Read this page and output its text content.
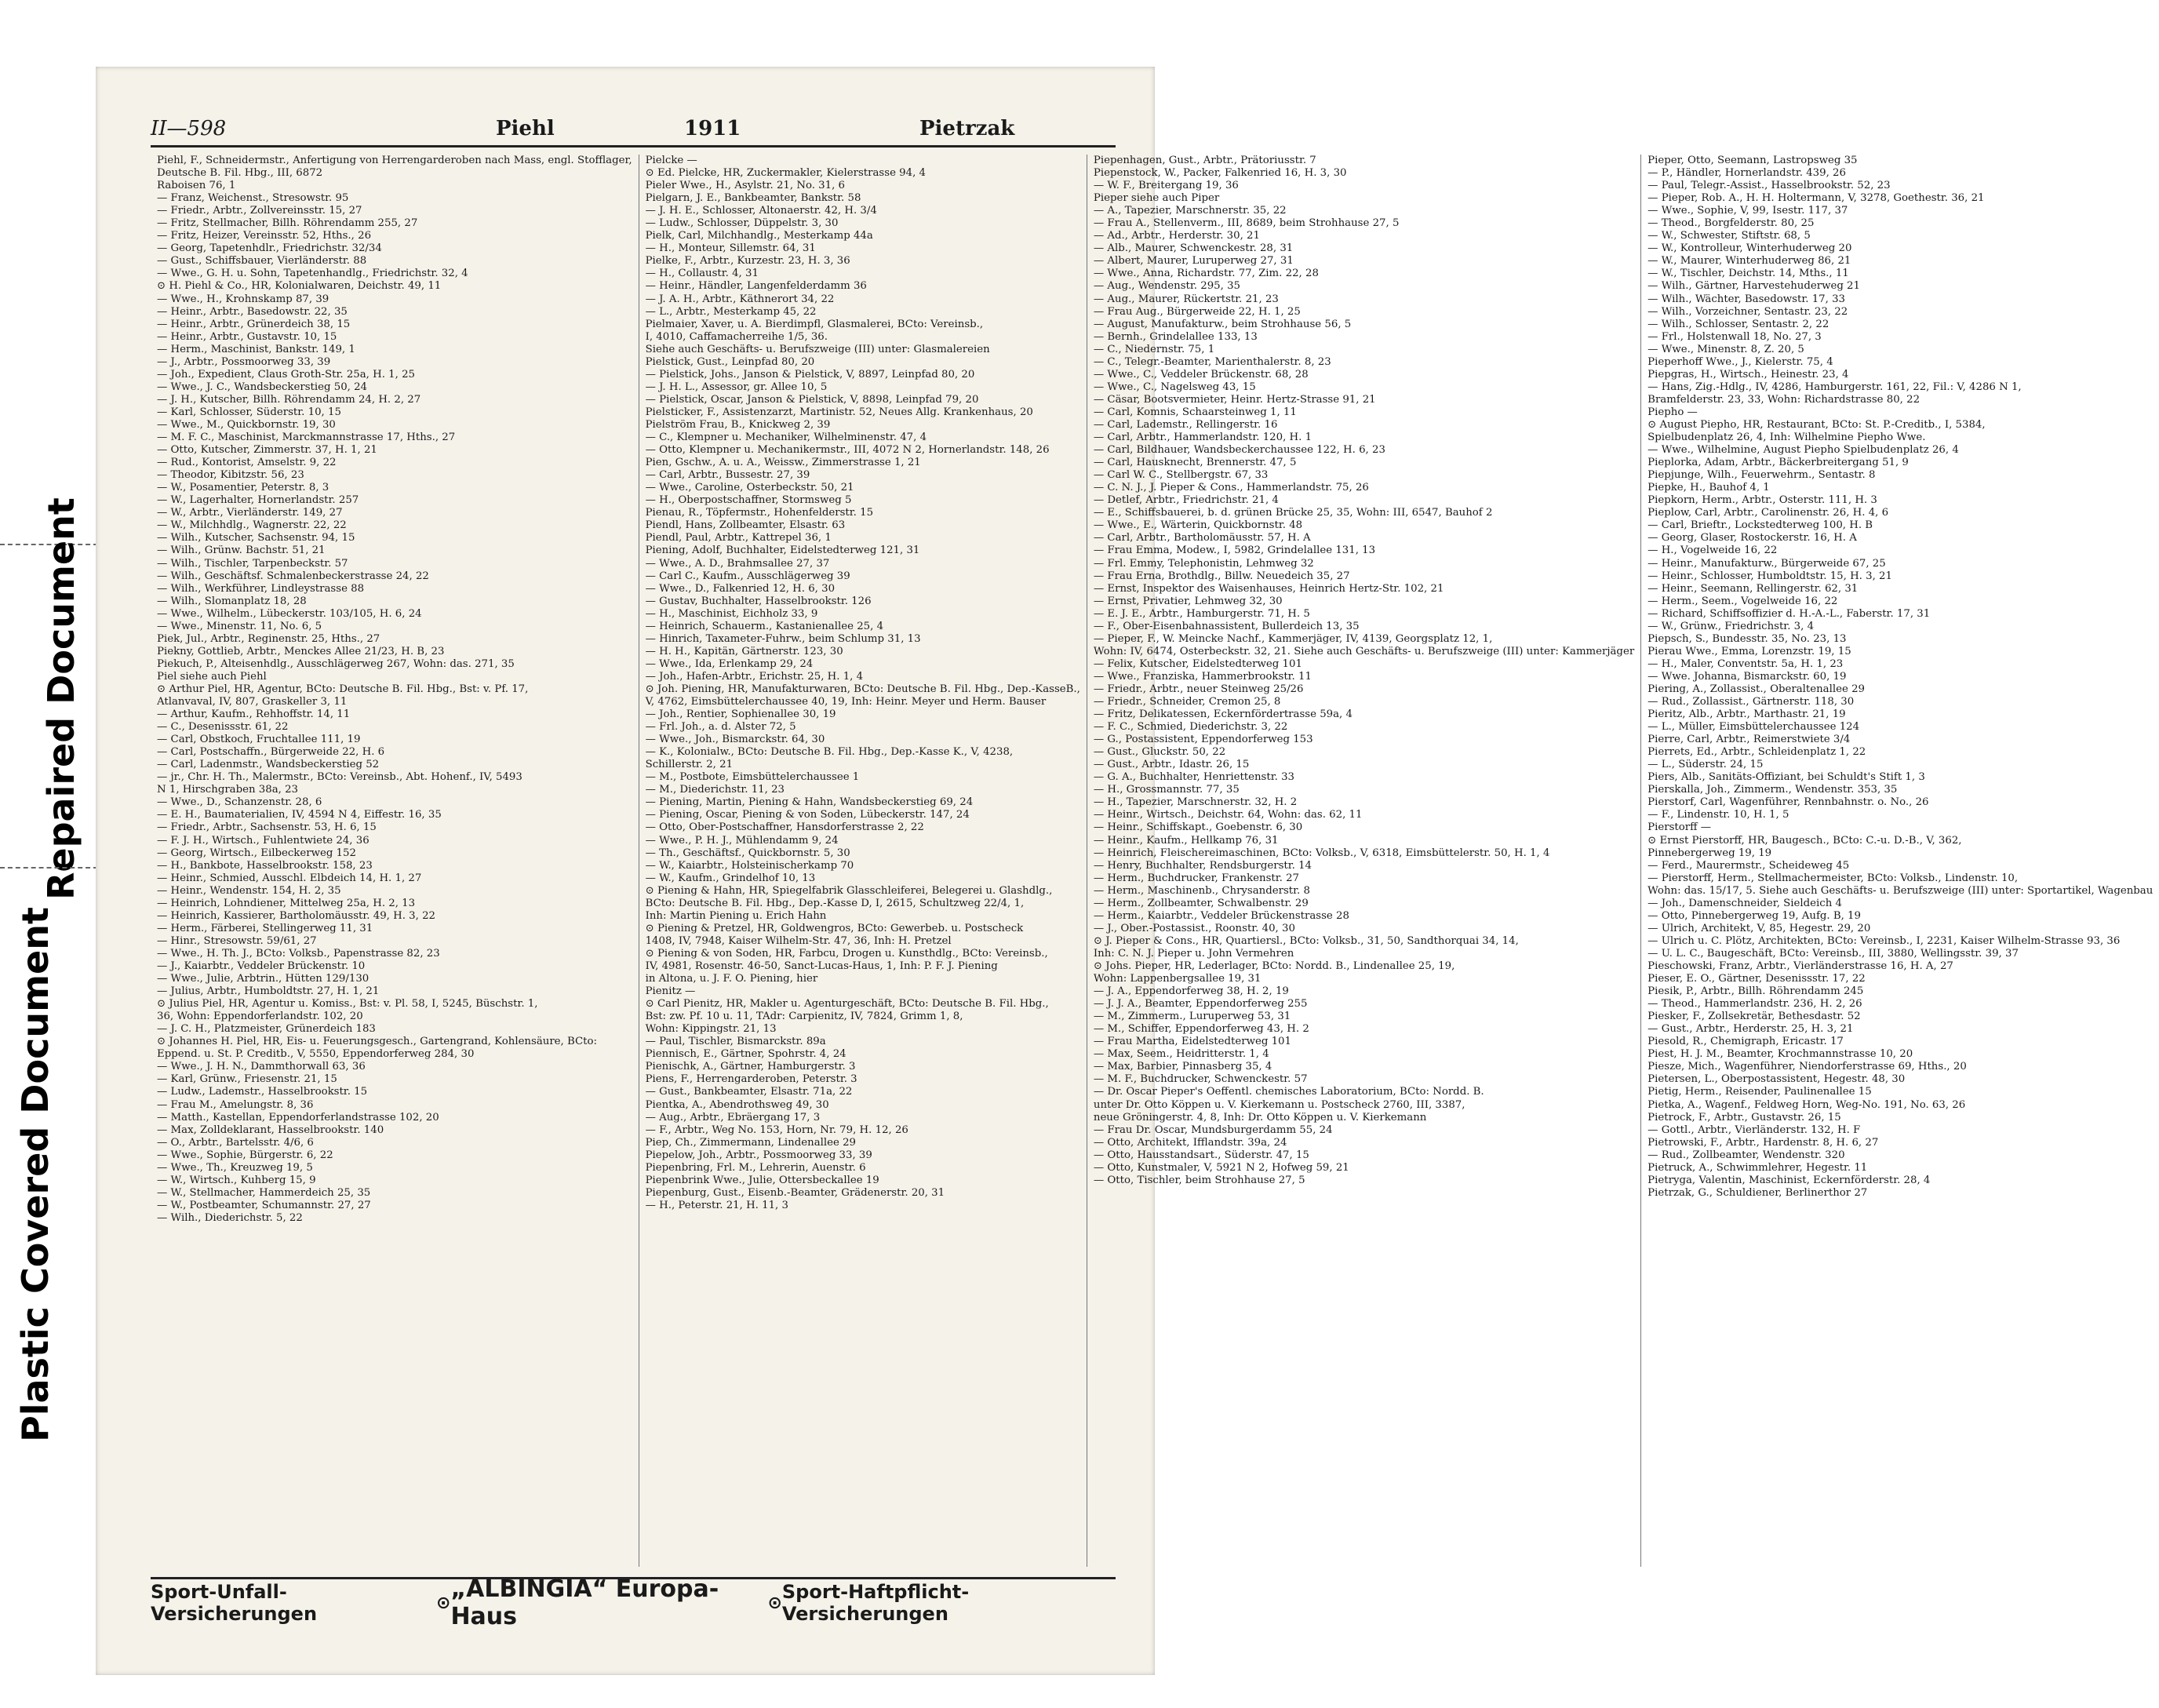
Repaired Document
Plastic Covered Document
II—598	Piehl	1911	Pietrzak
Piehl, F., Schneidermstr., Anfertigung von Herrengarderoben nach Mass, engl. Stofflager,
Deutsche B. Fil. Hbg., III, 6872
Raboisen 76, 1
— Franz, Weichenst., Stresowstr. 95
— Friedr., Arbtr., Zollvereinsstr. 15, 27
— Fritz, Stellmacher, Billh. Röhrendamm 255, 27
— Fritz, Heizer, Vereinsstr. 52, Hths., 26
— Georg, Tapetenhdlr., Friedrichstr. 32/34
— Gust., Schiffsbauer, Vierländerstr. 88
— Wwe., G. H. u. Sohn, Tapetenhandlg., Friedrichstr. 32, 4
⊙ H. Piehl & Co., HR, Kolonialwaren, Deichstr. 49, 11
— Wwe., H., Krohnskamp 87, 39
— Heinr., Arbtr., Basedowstr. 22, 35
— Heinr., Arbtr., Grünerdeich 38, 15
— Heinr., Arbtr., Gustavstr. 10, 15
— Herm., Maschinist, Bankstr. 149, 1
— J., Arbtr., Possmoorweg 33, 39
— Joh., Expedient, Claus Groth-Str. 25a, H. 1, 25
— Wwe., J. C., Wandsbeckerstieg 50, 24
— J. H., Kutscher, Billh. Röhrendamm 24, H. 2, 27
— Karl, Schlosser, Süderstr. 10, 15
— Wwe., M., Quickbornstr. 19, 30
— M. F. C., Maschinist, Marckmannstrasse 17, Hths., 27
— Otto, Kutscher, Zimmerstr. 37, H. 1, 21
— Rud., Kontorist, Amselstr. 9, 22
— Theodor, Kibitzstr. 56, 23
— W., Posamentier, Peterstr. 8, 3
— W., Lagerhalter, Hornerlandstr. 257
— W., Arbtr., Vierländerstr. 149, 27
— W., Milchhdlg., Wagnerstr. 22, 22
— Wilh., Kutscher, Sachsenstr. 94, 15
— Wilh., Grünw. Bachstr. 51, 21
— Wilh., Tischler, Tarpenbeckstr. 57
— Wilh., Geschäftsf. Schmalenbeckerstrasse 24, 22
— Wilh., Werkführer, Lindleystrasse 88
— Wilh., Slomanplatz 18, 28
— Wwe., Wilhelm., Lübeckerstr. 103/105, H. 6, 24
— Wwe., Minenstr. 11, No. 6, 5
Piek, Jul., Arbtr., Reginenstr. 25, Hths., 27
Piekny, Gottlieb, Arbtr., Menckes Allee 21/23, H. B, 23
Piekuch, P., Alteisenhdlg., Ausschlägerweg 267, Wohn: das. 271, 35
Piel siehe auch Piehl
⊙ Arthur Piel, HR, Agentur, BCto: Deutsche B. Fil. Hbg., Bst: v. Pf. 17,
Atlanvaval, IV, 807, Graskeller 3, 11
— Arthur, Kaufm., Rehhoffstr. 14, 11
— C., Desenissstr. 61, 22
— Carl, Obstkoch, Fruchtallee 111, 19
— Carl, Postschaffn., Bürgerweide 22, H. 6
— Carl, Ladenmstr., Wandsbeckerstieg 52
— jr., Chr. H. Th., Malermstr., BCto: Vereinsb., Abt. Hohenf., IV, 5493
N 1, Hirschgraben 38a, 23
— Wwe., D., Schanzenstr. 28, 6
— E. H., Baumaterialien, IV, 4594 N 4, Eiffestr. 16, 35
— Friedr., Arbtr., Sachsenstr. 53, H. 6, 15
— F. J. H., Wirtsch., Fuhlentwiete 24, 36
— Georg, Wirtsch., Eilbeckerweg 152
— H., Bankbote, Hasselbrookstr. 158, 23
— Heinr., Schmied, Ausschl. Elbdeich 14, H. 1, 27
— Heinr., Wendenstr. 154, H. 2, 35
— Heinrich, Lohndiener, Mittelweg 25a, H. 2, 13
— Heinrich, Kassierer, Bartholomäusstr. 49, H. 3, 22
— Herm., Färberei, Stellingerweg 11, 31
— Hinr., Stresowstr. 59/61, 27
— Wwe., H. Th. J., BCto: Volksb., Papenstrasse 82, 23
— J., Kaiarbtr., Veddeler Brückenstr. 10
— Wwe., Julie, Arbtrin., Hütten 129/130
— Julius, Arbtr., Humboldtstr. 27, H. 1, 21
⊙ Julius Piel, HR, Agentur u. Komiss., Bst: v. Pl. 58, I, 5245, Büschstr. 1,
36, Wohn: Eppendorferlandstr. 102, 20
— J. C. H., Platzmeister, Grünerdeich 183
⊙ Johannes H. Piel, HR, Eis- u. Feuerungsgesch., Gartengrand, Kohlensäure, BCto:
Eppend. u. St. P. Creditb., V, 5550, Eppendorferweg 284, 30
— Wwe., J. H. N., Dammthorwall 63, 36
— Karl, Grünw., Friesenstr. 21, 15
— Ludw., Lademstr., Hasselbrookstr. 15
— Frau M., Amelungstr. 8, 36
— Matth., Kastellan, Eppendorferlandstrasse 102, 20
— Max, Zolldeklarant, Hasselbrookstr. 140
— O., Arbtr., Bartelsstr. 4/6, 6
— Wwe., Sophie, Bürgerstr. 6, 22
— Wwe., Th., Kreuzweg 19, 5
— W., Wirtsch., Kuhberg 15, 9
— W., Stellmacher, Hammerdeich 25, 35
— W., Postbeamter, Schumannstr. 27, 27
— Wilh., Diederichstr. 5, 22
Pielcke —
⊙ Ed. Pielcke, HR, Zuckermakler, Kielerstrasse 94, 4
Pieler Wwe., H., Asylstr. 21, No. 31, 6
Pielgarn, J. E., Bankbeamter, Bankstr. 58
— J. H. E., Schlosser, Altonaerstr. 42, H. 3/4
— Ludw., Schlosser, Düppelstr. 3, 30
Pielk, Carl, Milchhandlg., Mesterkamp 44a
— H., Monteur, Sillemstr. 64, 31
Pielke, F., Arbtr., Kurzestr. 23, H. 3, 36
— H., Collaustr. 4, 31
— Heinr., Händler, Langenfelderdamm 36
— J. A. H., Arbtr., Käthnerort 34, 22
— L., Arbtr., Mesterkamp 45, 22
Pielmaier, Xaver, u. A. Bierdimpfl, Glasmalerei, BCto: Vereinsb.,
I, 4010, Caffamacherreihe 1/5, 36.
Siehe auch Geschäfts- u. Berufszweige (III) unter: Glasmalereien
Pielstick, Gust., Leinpfad 80, 20
— Pielstick, Johs., Janson & Pielstick, V, 8897, Leinpfad 80, 20
— J. H. L., Assessor, gr. Allee 10, 5
— Pielstick, Oscar, Janson & Pielstick, V, 8898, Leinpfad 79, 20
Pielsticker, F., Assistenzarzt, Martinistr. 52, Neues Allg. Krankenhaus, 20
Pielström Frau, B., Knickweg 2, 39
— C., Klempner u. Mechaniker, Wilhelminenstr. 47, 4
— Otto, Klempner u. Mechanikermstr., III, 4072 N 2, Hornerlandstr. 148, 26
Pien, Gschw., A. u. A., Weissw., Zimmerstrasse 1, 21
— Carl, Arbtr., Bussestr. 27, 39
— Wwe., Caroline, Osterbeckstr. 50, 21
— H., Oberpostschaffner, Stormsweg 5
Pienau, R., Töpfermstr., Hohenfelderstr. 15
Piendl, Hans, Zollbeamter, Elsastr. 63
Piendl, Paul, Arbtr., Kattrepel 36, 1
Piening, Adolf, Buchhalter, Eidelstedterweg 121, 31
— Wwe., A. D., Brahmsallee 27, 37
— Carl C., Kaufm., Ausschlägerweg 39
— Wwe., D., Falkenried 12, H. 6, 30
— Gustav, Buchhalter, Hasselbrookstr. 126
— H., Maschinist, Eichholz 33, 9
— Heinrich, Schauerm., Kastanienallee 25, 4
— Hinrich, Taxameter-Fuhrw., beim Schlump 31, 13
— H. H., Kapitän, Gärtnerstr. 123, 30
— Wwe., Ida, Erlenkamp 29, 24
— Joh., Hafen-Arbtr., Erichstr. 25, H. 1, 4
⊙ Joh. Piening, HR, Manufakturwaren, BCto: Deutsche B. Fil. Hbg., Dep.-KasseB.,
V, 4762, Eimsbüttelerchaussee 40, 19, Inh: Heinr. Meyer und Herm. Bauser
— Joh., Rentier, Sophienallee 30, 19
— Frl. Joh., a. d. Alster 72, 5
— Wwe., Joh., Bismarckstr. 64, 30
— K., Kolonialw., BCto: Deutsche B. Fil. Hbg., Dep.-Kasse K., V, 4238,
Schillerstr. 2, 21
— M., Postbote, Eimsbüttelerchaussee 1
— M., Diederichstr. 11, 23
— Piening, Martin, Piening & Hahn, Wandsbeckerstieg 69, 24
— Piening, Oscar, Piening & von Soden, Lübeckerstr. 147, 24
— Otto, Ober-Postschaffner, Hansdorferstrasse 2, 22
— Wwe., P. H. J., Mühlendamm 9, 24
— Th., Geschäftsf., Quickbornstr. 5, 30
— W., Kaiarbtr., Holsteinischerkamp 70
— W., Kaufm., Grindelhof 10, 13
⊙ Piening & Hahn, HR, Spiegelfabrik Glasschleiferei, Belegerei u. Glashdlg.,
BCto: Deutsche B. Fil. Hbg., Dep.-Kasse D, I, 2615, Schultzweg 22/4, 1,
Inh: Martin Piening u. Erich Hahn
⊙ Piening & Pretzel, HR, Goldwengros, BCto: Gewerbeb. u. Postscheck
1408, IV, 7948, Kaiser Wilhelm-Str. 47, 36, Inh: H. Pretzel
⊙ Piening & von Soden, HR, Farbcu, Drogen u. Kunsthdlg., BCto: Vereinsb.,
IV, 4981, Rosenstr. 46-50, Sanct-Lucas-Haus, 1, Inh: P. F. J. Piening
in Altona, u. J. F. O. Piening, hier
Pienitz —
⊙ Carl Pienitz, HR, Makler u. Agenturgeschäft, BCto: Deutsche B. Fil. Hbg.,
Bst: zw. Pf. 10 u. 11, TAdr: Carpienitz, IV, 7824, Grimm 1, 8,
Wohn: Kippingstr. 21, 13
— Paul, Tischler, Bismarckstr. 89a
Piennisch, E., Gärtner, Spohrstr. 4, 24
Pienischk, A., Gärtner, Hamburgerstr. 3
Piens, F., Herrengarderoben, Peterstr. 3
— Gust., Bankbeamter, Elsastr. 71a, 22
Pientka, A., Abendrothsweg 49, 30
— Aug., Arbtr., Ebräergang 17, 3
— F., Arbtr., Weg No. 153, Horn, Nr. 79, H. 12, 26
Piep, Ch., Zimmermann, Lindenallee 29
Piepelow, Joh., Arbtr., Possmoorweg 33, 39
Piepenbring, Frl. M., Lehrerin, Auenstr. 6
Piepenbrink Wwe., Julie, Ottersbeckallee 19
Piepenburg, Gust., Eisenb.-Beamter, Grädenerstr. 20, 31
— H., Peterstr. 21, H. 11, 3
Piepenhagen, Gust., Arbtr., Prätoriusstr. 7
Piepenstock, W., Packer, Falkenried 16, H. 3, 30
— W. F., Breitergang 19, 36
Pieper siehe auch Piper
— A., Tapezier, Marschnerstr. 35, 22
— Frau A., Stellenverm., III, 8689, beim Strohhause 27, 5
— Ad., Arbtr., Herderstr. 30, 21
— Alb., Maurer, Schwenckestr. 28, 31
— Albert, Maurer, Luruperweg 27, 31
— Wwe., Anna, Richardstr. 77, Zim. 22, 28
— Aug., Wendenstr. 295, 35
— Aug., Maurer, Rückertstr. 21, 23
— Frau Aug., Bürgerweide 22, H. 1, 25
— August, Manufakturw., beim Strohhause 56, 5
— Bernh., Grindelallee 133, 13
— C., Niedernstr. 75, 1
— C., Telegr.-Beamter, Marienthalerstr. 8, 23
— Wwe., C., Veddeler Brückenstr. 68, 28
— Wwe., C., Nagelsweg 43, 15
— Cäsar, Bootsvermieter, Heinr. Hertz-Strasse 91, 21
— Carl, Komnis, Schaarsteinweg 1, 11
— Carl, Lademstr., Rellingerstr. 16
— Carl, Arbtr., Hammerlandstr. 120, H. 1
— Carl, Bildhauer, Wandsbeckerchaussee 122, H. 6, 23
— Carl, Hausknecht, Brennerstr. 47, 5
— Carl W. C., Stellbergstr. 67, 33
— C. N. J., J. Pieper & Cons., Hammerlandstr. 75, 26
— Detlef, Arbtr., Friedrichstr. 21, 4
— E., Schiffsbauerei, b. d. grünen Brücke 25, 35, Wohn: III, 6547, Bauhof 2
— Wwe., E., Wärterin, Quickbornstr. 48
— Carl, Arbtr., Bartholomäusstr. 57, H. A
— Frau Emma, Modew., I, 5982, Grindelallee 131, 13
— Frl. Emmy, Telephonistin, Lehmweg 32
— Frau Erna, Brothdlg., Billw. Neuedeich 35, 27
— Ernst, Inspektor des Waisenhauses, Heinrich Hertz-Str. 102, 21
— Ernst, Privatier, Lehmweg 32, 30
— E. J. E., Arbtr., Hamburgerstr. 71, H. 5
— F., Ober-Eisenbahnassistent, Bullerdeich 13, 35
— Pieper, F., W. Meincke Nachf., Kammerjäger, IV, 4139, Georgsplatz 12, 1,
Wohn: IV, 6474, Osterbeckstr. 32, 21. Siehe auch Geschäfts- u. Berufszweige (III) unter: Kammerjäger
— Felix, Kutscher, Eidelstedterweg 101
— Wwe., Franziska, Hammerbrookstr. 11
— Friedr., Arbtr., neuer Steinweg 25/26
— Friedr., Schneider, Cremon 25, 8
— Fritz, Delikatessen, Eckernfördertrasse 59a, 4
— F. C., Schmied, Diederichstr. 3, 22
— G., Postassistent, Eppendorferweg 153
— Gust., Gluckstr. 50, 22
— Gust., Arbtr., Idastr. 26, 15
— G. A., Buchhalter, Henriettenstr. 33
— H., Grossmannstr. 77, 35
— H., Tapezier, Marschnerstr. 32, H. 2
— Heinr., Wirtsch., Deichstr. 64, Wohn: das. 62, 11
— Heinr., Schiffskapt., Goebenstr. 6, 30
— Heinr., Kaufm., Hellkamp 76, 31
— Heinrich, Fleischereimaschinen, BCto: Volksb., V, 6318, Eimsbüttelerstr. 50, H. 1, 4
— Henry, Buchhalter, Rendsburgerstr. 14
— Herm., Buchdrucker, Frankenstr. 27
— Herm., Maschinenb., Chrysanderstr. 8
— Herm., Zollbeamter, Schwalbenstr. 29
— Herm., Kaiarbtr., Veddeler Brückenstrasse 28
— J., Ober.-Postassist., Roonstr. 40, 30
⊙ J. Pieper & Cons., HR, Quartiersl., BCto: Volksb., 31, 50, Sandthorquai 34, 14,
Inh: C. N. J. Pieper u. John Vermehren
⊙ Johs. Pieper, HR, Lederlager, BCto: Nordd. B., Lindenallee 25, 19,
Wohn: Lappenbergsallee 19, 31
— J. A., Eppendorferweg 38, H. 2, 19
— J. J. A., Beamter, Eppendorferweg 255
— M., Zimmerm., Luruperweg 53, 31
— M., Schiffer, Eppendorferweg 43, H. 2
— Frau Martha, Eidelstedterweg 101
— Max, Seem., Heidritterstr. 1, 4
— Max, Barbier, Pinnasberg 35, 4
— M. F., Buchdrucker, Schwenckestr. 57
— Dr. Oscar Pieper's Oeffentl. chemisches Laboratorium, BCto: Nordd. B.
unter Dr. Otto Köppen u. V. Kierkemann u. Postscheck 2760, III, 3387,
neue Gröningerstr. 4, 8, Inh: Dr. Otto Köppen u. V. Kierkemann
— Frau Dr. Oscar, Mundsburgerdamm 55, 24
— Otto, Architekt, Ifflandstr. 39a, 24
— Otto, Hausstandsart., Süderstr. 47, 15
— Otto, Kunstmaler, V, 5921 N 2, Hofweg 59, 21
— Otto, Tischler, beim Strohhause 27, 5
Pieper, Otto, Seemann, Lastropsweg 35
— P., Händler, Hornerlandstr. 439, 26
— Paul, Telegr.-Assist., Hasselbrookstr. 52, 23
— Pieper, Rob. A., H. H. Holtermann, V, 3278, Goethestr. 36, 21
— Wwe., Sophie, V, 99, Isestr. 117, 37
— Theod., Borgfelderstr. 80, 25
— W., Schwester, Stiftstr. 68, 5
— W., Kontrolleur, Winterhuderweg 20
— W., Maurer, Winterhuderweg 86, 21
— W., Tischler, Deichstr. 14, Mths., 11
— Wilh., Gärtner, Harvestehuderweg 21
— Wilh., Wächter, Basedowstr. 17, 33
— Wilh., Vorzeichner, Sentastr. 23, 22
— Wilh., Schlosser, Sentastr. 2, 22
— Frl., Holstenwall 18, No. 27, 3
— Wwe., Minenstr. 8, Z. 20, 5
Pieperhoff Wwe., J., Kielerstr. 75, 4
Piepgras, H., Wirtsch., Heinestr. 23, 4
— Hans, Zig.-Hdlg., IV, 4286, Hamburgerstr. 161, 22, Fil.: V, 4286 N 1,
Bramfelderstr. 23, 33, Wohn: Richardstrasse 80, 22
Piepho —
⊙ August Piepho, HR, Restaurant, BCto: St. P.-Creditb., I, 5384,
Spielbudenplatz 26, 4, Inh: Wilhelmine Piepho Wwe.
— Wwe., Wilhelmine, August Piepho Spielbudenplatz 26, 4
Pieplorka, Adam, Arbtr., Bäckerbreitergang 51, 9
Piepjunge, Wilh., Feuerwehrm., Sentastr. 8
Piepke, H., Bauhof 4, 1
Piepkorn, Herm., Arbtr., Osterstr. 111, H. 3
Pieplow, Carl, Arbtr., Carolinenstr. 26, H. 4, 6
— Carl, Brieftr., Lockstedterweg 100, H. B
— Georg, Glaser, Rostockerstr. 16, H. A
— H., Vogelweide 16, 22
— Heinr., Manufakturw., Bürgerweide 67, 25
— Heinr., Schlosser, Humboldtstr. 15, H. 3, 21
— Heinr., Seemann, Rellingerstr. 62, 31
— Herm., Seem., Vogelweide 16, 22
— Richard, Schiffsoffizier d. H.-A.-L., Faberstr. 17, 31
— W., Grünw., Friedrichstr. 3, 4
Piepsch, S., Bundesstr. 35, No. 23, 13
Pierau Wwe., Emma, Lorenzstr. 19, 15
— H., Maler, Conventstr. 5a, H. 1, 23
— Wwe. Johanna, Bismarckstr. 60, 19
Piering, A., Zollassist., Oberaltenallee 29
— Rud., Zollassist., Gärtnerstr. 118, 30
Pieritz, Alb., Arbtr., Marthastr. 21, 19
— L., Müller, Eimsbüttelerchaussee 124
Pierre, Carl, Arbtr., Reimerstwiete 3/4
Pierrets, Ed., Arbtr., Schleidenplatz 1, 22
— L., Süderstr. 24, 15
Piers, Alb., Sanitäts-Offiziant, bei Schuldt's Stift 1, 3
Pierskalla, Joh., Zimmerm., Wendenstr. 353, 35
Pierstorf, Carl, Wagenführer, Rennbahnstr. o. No., 26
— F., Lindenstr. 10, H. 1, 5
Pierstorff —
⊙ Ernst Pierstorff, HR, Baugesch., BCto: C.-u. D.-B., V, 362,
Pinnebergerweg 19, 19
— Ferd., Maurermstr., Scheideweg 45
— Pierstorff, Herm., Stellmachermeister, BCto: Volksb., Lindenstr. 10,
Wohn: das. 15/17, 5. Siehe auch Geschäfts- u. Berufszweige (III) unter: Sportartikel, Wagenbau
— Joh., Damenschneider, Sieldeich 4
— Otto, Pinnebergerweg 19, Aufg. B, 19
— Ulrich, Architekt, V, 85, Hegestr. 29, 20
— Ulrich u. C. Plötz, Architekten, BCto: Vereinsb., I, 2231, Kaiser Wilhelm-Strasse 93, 36
— U. L. C., Baugeschäft, BCto: Vereinsb., III, 3880, Wellingsstr. 39, 37
Pieschowski, Franz, Arbtr., Vierländerstrasse 16, H. A, 27
Pieser, E. O., Gärtner, Desenissstr. 17, 22
Piesik, P., Arbtr., Billh. Röhrendamm 245
— Theod., Hammerlandstr. 236, H. 2, 26
Piesker, F., Zollsekretär, Bethesdastr. 52
— Gust., Arbtr., Herderstr. 25, H. 3, 21
Piesold, R., Chemigraph, Ericastr. 17
Piest, H. J. M., Beamter, Krochmannstrasse 10, 20
Piesze, Mich., Wagenführer, Niendorferstrasse 69, Hths., 20
Pietersen, L., Oberpostassistent, Hegestr. 48, 30
Pietig, Herm., Reisender, Paulinenallee 15
Pietka, A., Wagenf., Feldweg Horn, Weg-No. 191, No. 63, 26
Pietrock, F., Arbtr., Gustavstr. 26, 15
— Gottl., Arbtr., Vierländerstr. 132, H. F
Pietrowski, F., Arbtr., Hardenstr. 8, H. 6, 27
— Rud., Zollbeamter, Wendenstr. 320
Pietruck, A., Schwimmlehrer, Hegestr. 11
Pietryga, Valentin, Maschinist, Eckernförderstr. 28, 4
Pietrzak, G., Schuldiener, Berlinerthor 27
Sport-Unfall-Versicherungen	⊙ „ALBINGIA“ Europa-Haus	⊙ Sport-Haftpflicht-Versicherungen
